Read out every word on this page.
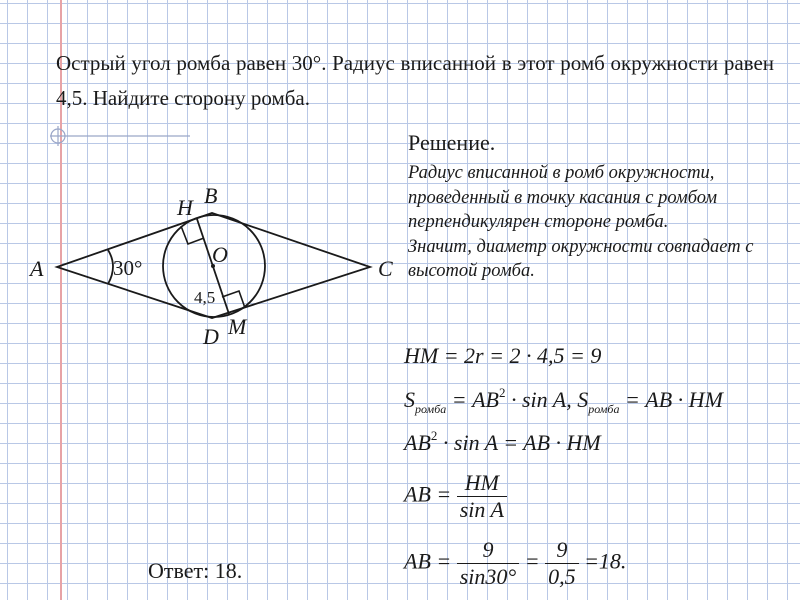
Острый угол ромба равен 30°. Радиус вписанной в этот ромб окружности равен 4,5. Найдите сторону ромба.
A
B
C
D
H
M
O
30°
4,5
Решение.

Радиус вписанной в ромб окружности, проведенный в точку касания с ромбом перпендикулярен стороне ромба.

Значит, диаметр окружности совпадает с высотой ромба.

HM = 2r = 2 · 4,5 = 9
$S_{ромба} = AB^2 \cdot \sin A$, $S_{ромба}$ = AB · HM
$AB^2 \cdot \sin A$ = AB · HM
AB = $\frac{HM}{\text{sin A}}$
AB = $\frac{9}{\sin 30^\circ} = \frac{9}{0,5} =18$.
Ответ: 18.
